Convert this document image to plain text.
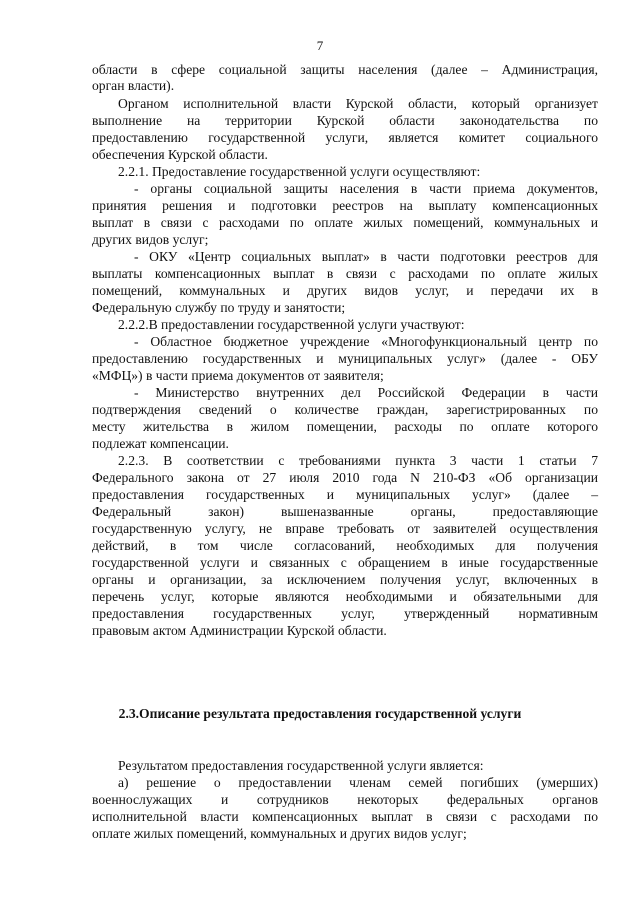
7
области в сфере социальной защиты населения (далее – Администрация,
орган власти).
Органом исполнительной власти Курской области, который организует
выполнение на территории Курской области законодательства по
предоставлению государственной услуги, является комитет социального
обеспечения Курской области.
2.2.1. Предоставление государственной услуги осуществляют:
- органы социальной защиты населения в части приема документов,
принятия решения и подготовки реестров на выплату компенсационных
выплат в связи с расходами по оплате жилых помещений, коммунальных и
других видов услуг;
- ОКУ «Центр социальных выплат» в части подготовки реестров для
выплаты компенсационных выплат в связи с расходами по оплате жилых
помещений, коммунальных и других видов услуг, и передачи их в
Федеральную службу по труду и занятости;
2.2.2.В предоставлении государственной услуги участвуют:
- Областное бюджетное учреждение «Многофункциональный центр по
предоставлению государственных и муниципальных услуг» (далее - ОБУ
«МФЦ») в части приема документов от заявителя;
- Министерство внутренних дел Российской Федерации в части
подтверждения сведений о количестве граждан, зарегистрированных по
месту жительства в жилом помещении, расходы по оплате которого
подлежат компенсации.
2.2.3. В соответствии с требованиями пункта 3 части 1 статьи 7
Федерального закона от 27 июля 2010 года N 210-ФЗ «Об организации
предоставления государственных и муниципальных услуг» (далее –
Федеральный закон) вышеназванные органы, предоставляющие
государственную услугу, не вправе требовать от заявителей осуществления
действий, в том числе согласований, необходимых для получения
государственной услуги и связанных с обращением в иные государственные
органы и организации, за исключением получения услуг, включенных в
перечень услуг, которые являются необходимыми и обязательными для
предоставления государственных услуг, утвержденный нормативным
правовым актом Администрации Курской области.
2.3.Описание результата предоставления государственной услуги
Результатом предоставления государственной услуги является:
а) решение о предоставлении членам семей погибших (умерших)
военнослужащих и сотрудников некоторых федеральных органов
исполнительной власти компенсационных выплат в связи с расходами по
оплате жилых помещений, коммунальных и других видов услуг;
